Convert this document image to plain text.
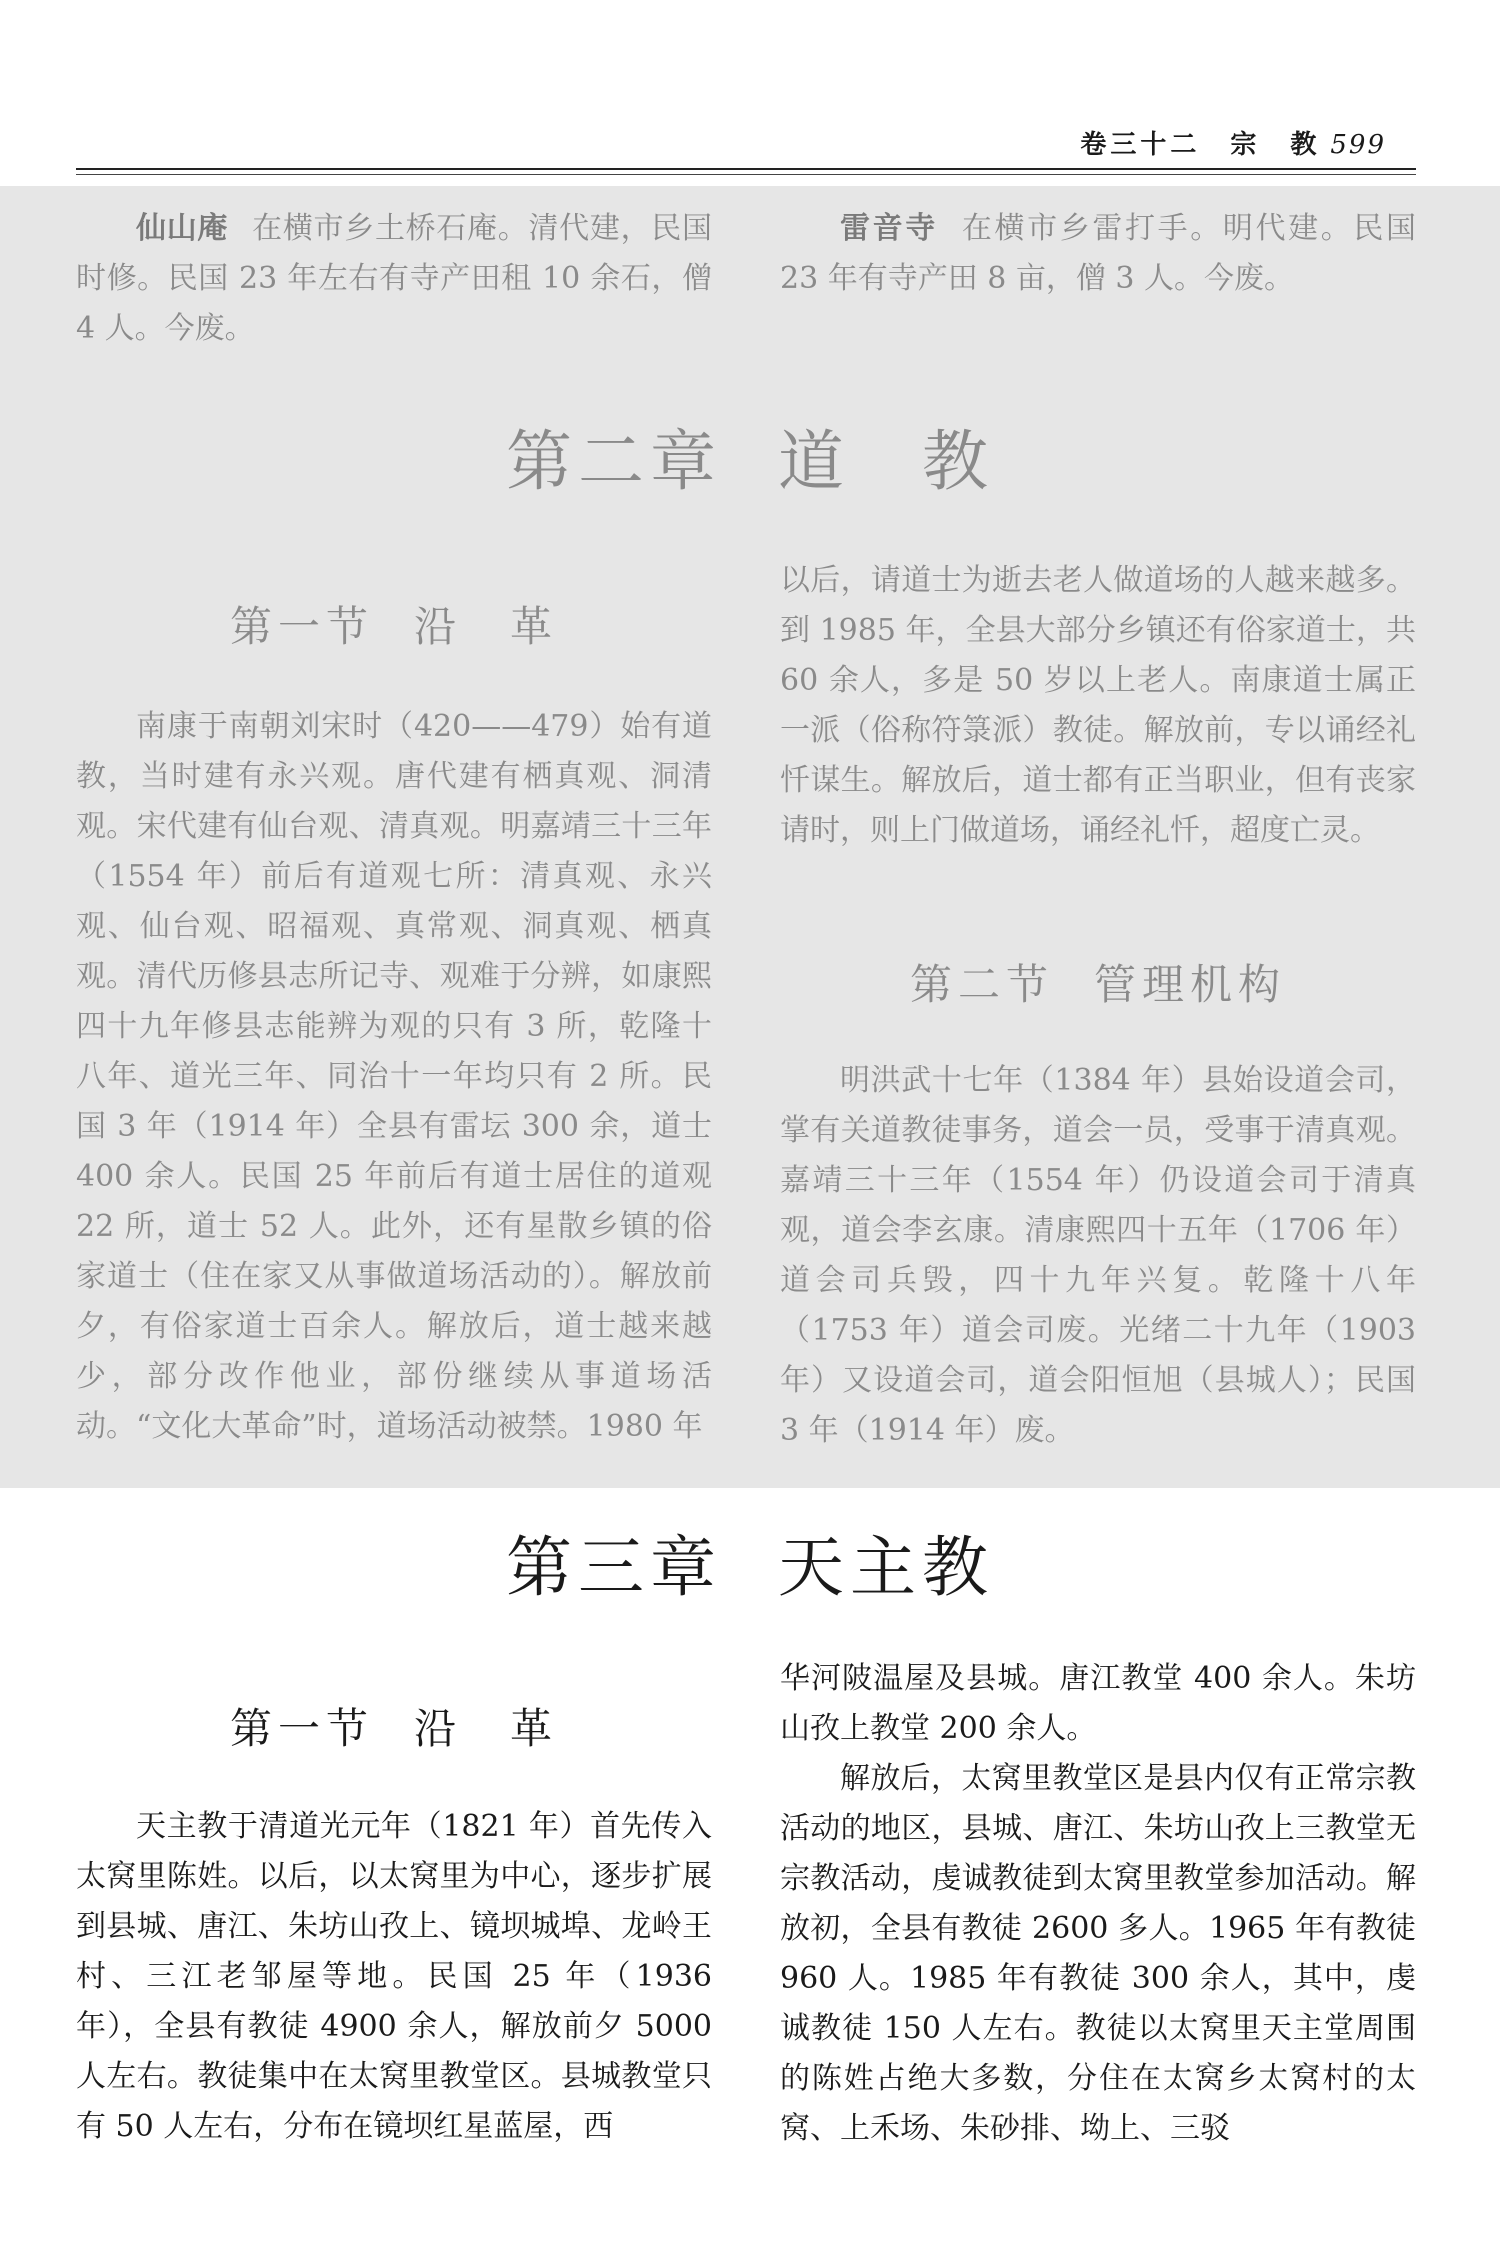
卷三十二　宗　教 599

仙山庵 在横市乡土桥石庵。清代建，民国时修。民国 23 年左右有寺产田租 10 余石，僧 4 人。今废。

雷音寺 在横市乡雷打手。明代建。民国 23 年有寺产田 8 亩，僧 3 人。今废。

第二章 道　教
第一节 沿　革

南康于南朝刘宋时（420——479）始有道教，当时建有永兴观。唐代建有栖真观、洞清观。宋代建有仙台观、清真观。明嘉靖三十三年（1554 年）前后有道观七所：清真观、永兴观、仙台观、昭福观、真常观、洞真观、栖真观。清代历修县志所记寺、观难于分辨，如康熙四十九年修县志能辨为观的只有 3 所，乾隆十八年、道光三年、同治十一年均只有 2 所。民国 3 年（1914 年）全县有雷坛 300 余，道士 400 余人。民国 25 年前后有道士居住的道观 22 所，道士 52 人。此外，还有星散乡镇的俗家道士（住在家又从事做道场活动的）。解放前夕，有俗家道士百余人。解放后，道士越来越少，部分改作他业，部份继续从事道场活动。“文化大革命”时，道场活动被禁。1980 年

以后，请道士为逝去老人做道场的人越来越多。到 1985 年，全县大部分乡镇还有俗家道士，共 60 余人，多是 50 岁以上老人。南康道士属正一派（俗称符箓派）教徒。解放前，专以诵经礼忏谋生。解放后，道士都有正当职业，但有丧家请时，则上门做道场，诵经礼忏，超度亡灵。

第二节 管理机构

明洪武十七年（1384 年）县始设道会司，掌有关道教徒事务，道会一员，受事于清真观。嘉靖三十三年（1554 年）仍设道会司于清真观，道会李玄康。清康熙四十五年（1706 年）道会司兵毁，四十九年兴复。乾隆十八年（1753 年）道会司废。光绪二十九年（1903 年）又设道会司，道会阳恒旭（县城人）；民国 3 年（1914 年）废。

第三章 天主教
第一节 沿　革

天主教于清道光元年（1821 年）首先传入太窝里陈姓。以后，以太窝里为中心，逐步扩展到县城、唐江、朱坊山孜上、镜坝城埠、龙岭王村、三江老邹屋等地。民国 25 年（1936 年），全县有教徒 4900 余人，解放前夕 5000 人左右。教徒集中在太窝里教堂区。县城教堂只有 50 人左右，分布在镜坝红星蓝屋，西

华河陂温屋及县城。唐江教堂 400 余人。朱坊山孜上教堂 200 余人。

解放后，太窝里教堂区是县内仅有正常宗教活动的地区，县城、唐江、朱坊山孜上三教堂无宗教活动，虔诚教徒到太窝里教堂参加活动。解放初，全县有教徒 2600 多人。1965 年有教徒 960 人。1985 年有教徒 300 余人，其中，虔诚教徒 150 人左右。教徒以太窝里天主堂周围的陈姓占绝大多数，分住在太窝乡太窝村的太窝、上禾场、朱砂排、坳上、三驳
